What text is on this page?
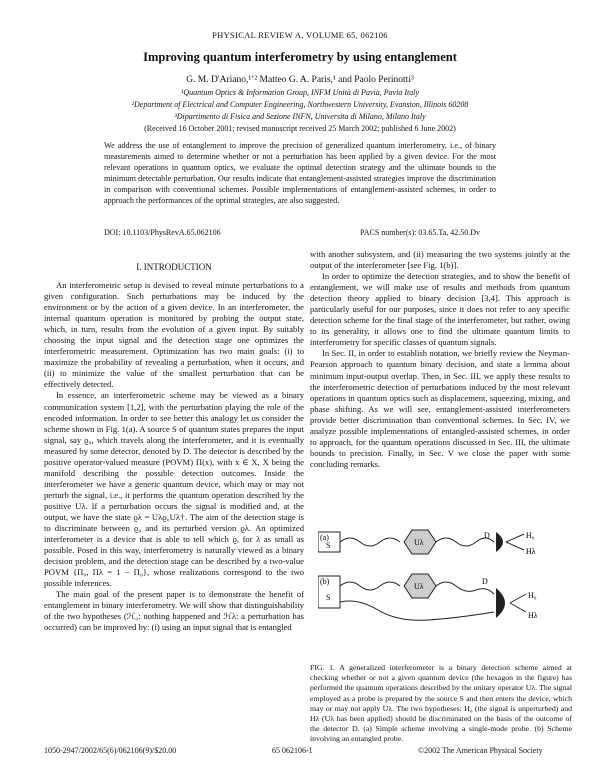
PHYSICAL REVIEW A, VOLUME 65, 062106
Improving quantum interferometry by using entanglement
G. M. D'Ariano,¹ʼ² Matteo G. A. Paris,¹ and Paolo Perinotti³
¹Quantum Optics & Information Group, INFM Unità di Pavia, Pavia Italy
²Department of Electrical and Computer Engineering, Northwestern University, Evanston, Illinois 60208
³Dipartimento di Fisica and Sezione INFN, Universita di Milano, Milano Italy
(Received 16 October 2001; revised manuscript received 25 March 2002; published 6 June 2002)
We address the use of entanglement to improve the precision of generalized quantum interferometry, i.e., of binary measurements aimed to determine whether or not a perturbation has been applied by a given device. For the most relevant operations in quantum optics, we evaluate the optimal detection strategy and the ultimate bounds to the minimum detectable perturbation. Our results indicate that entanglement-assisted strategies improve the discrimination in comparison with conventional schemes. Possible implementations of entanglement-assisted schemes, in order to approach the performances of the optimal strategies, are also suggested.
DOI: 10.1103/PhysRevA.65.062106	PACS number(s): 03.65.Ta, 42.50.Dv
I. INTRODUCTION

An interferometric setup is devised to reveal minute perturbations to a given configuration. Such perturbations may be induced by the environment or by the action of a given device. In an interferometer, the internal quantum operation is monitored by probing the output state, which, in turn, results from the evolution of a given input. By suitably choosing the input signal and the detection stage one optimizes the interferometric measurement. Optimization has two main goals: (i) to maximize the probability of revealing a perturbation, when it occurs, and (ii) to minimize the value of the smallest perturbation that can be effectively detected.

In essence, an interferometric scheme may be viewed as a binary communication system [1,2], with the perturbation playing the role of the encoded information. In order to see better this analogy let us consider the scheme shown in Fig. 1(a). A source S of quantum states prepares the input signal, say ϱ₀, which travels along the interferometer, and it is eventually measured by some detector, denoted by D. The detector is described by the positive operator-valued measure (POVM) Π(x), with x ∈ X, X being the manifold describing the possible detection outcomes. Inside the interferometer we have a generic quantum device, which may or may not perturb the signal, i.e., it performs the quantum operation described by the positive Uλ. If a perturbation occurs the signal is modified and, at the output, we have the state ϱλ = Uλϱ₀Uλ†. The aim of the detection stage is to discriminate between ϱ₀ and its perturbed version ϱλ. An optimized interferometer is a device that is able to tell which ϱ, for λ as small as possible. Posed in this way, interferometry is naturally viewed as a binary decision problem, and the detection stage can be described by a two-value POVM {Π₀, Πλ = 1 − Π₀}, whose realizations correspond to the two possible inferences.

The main goal of the present paper is to demonstrate the benefit of entanglement in binary interferometry. We will show that distinguishability of the two hypotheses (ℋ₀: nothing happened and ℋλ: a perturbation has occurred) can be improved by: (i) using an input signal that is entangled

with another subsystem, and (ii) measuring the two systems jointly at the output of the interferometer [see Fig. 1(b)].

In order to optimize the detection strategies, and to show the benefit of entanglement, we will make use of results and methods from quantum detection theory applied to binary decision [3,4]. This approach is particularly useful for our purposes, since it does not refer to any specific detection scheme for the final stage of the interferometer, but rather, owing to its generality, it allows one to find the ultimate quantum limits to interferometry for specific classes of quantum signals.

In Sec. II, in order to establish notation, we briefly review the Neyman-Pearson approach to quantum binary decision, and state a lemma about minimum input-output overlap. Then, in Sec. III, we apply these results to the interferometric detection of perturbations induced by the most relevant operations in quantum optics such as displacement, squeezing, mixing, and phase shifting. As we will see, entanglement-assisted interferometers provide better discrimination than conventional schemes. In Sec. IV, we analyze possible implementations of entangled-assisted schemes, in order to approach, for the quantum operations discussed in Sec. III, the ultimate bounds to precision. Finally, in Sec. V we close the paper with some concluding remarks.

(a)
S	Uλ
D	H₀
Hλ
(b)
S
Uλ
D
H₀
Hλ
FIG. 1. A generalized interferometer is a binary detection scheme aimed at checking whether or not a given quantum device (the hexagon in the figure) has performed the quantum operations described by the unitary operator Uλ. The signal employed as a probe is prepared by the source S and then enters the device, which may or may not apply Uλ. The two hypotheses: H₀ (the signal is unperturbed) and Hλ (Uλ has been applied) should be discriminated on the basis of the outcome of the detector D. (a) Simple scheme involving a single-mode probe. (b) Scheme involving an entangled probe.
1050-2947/2002/65(6)/062106(9)/$20.00	65 062106-1	©2002 The American Physical Society
